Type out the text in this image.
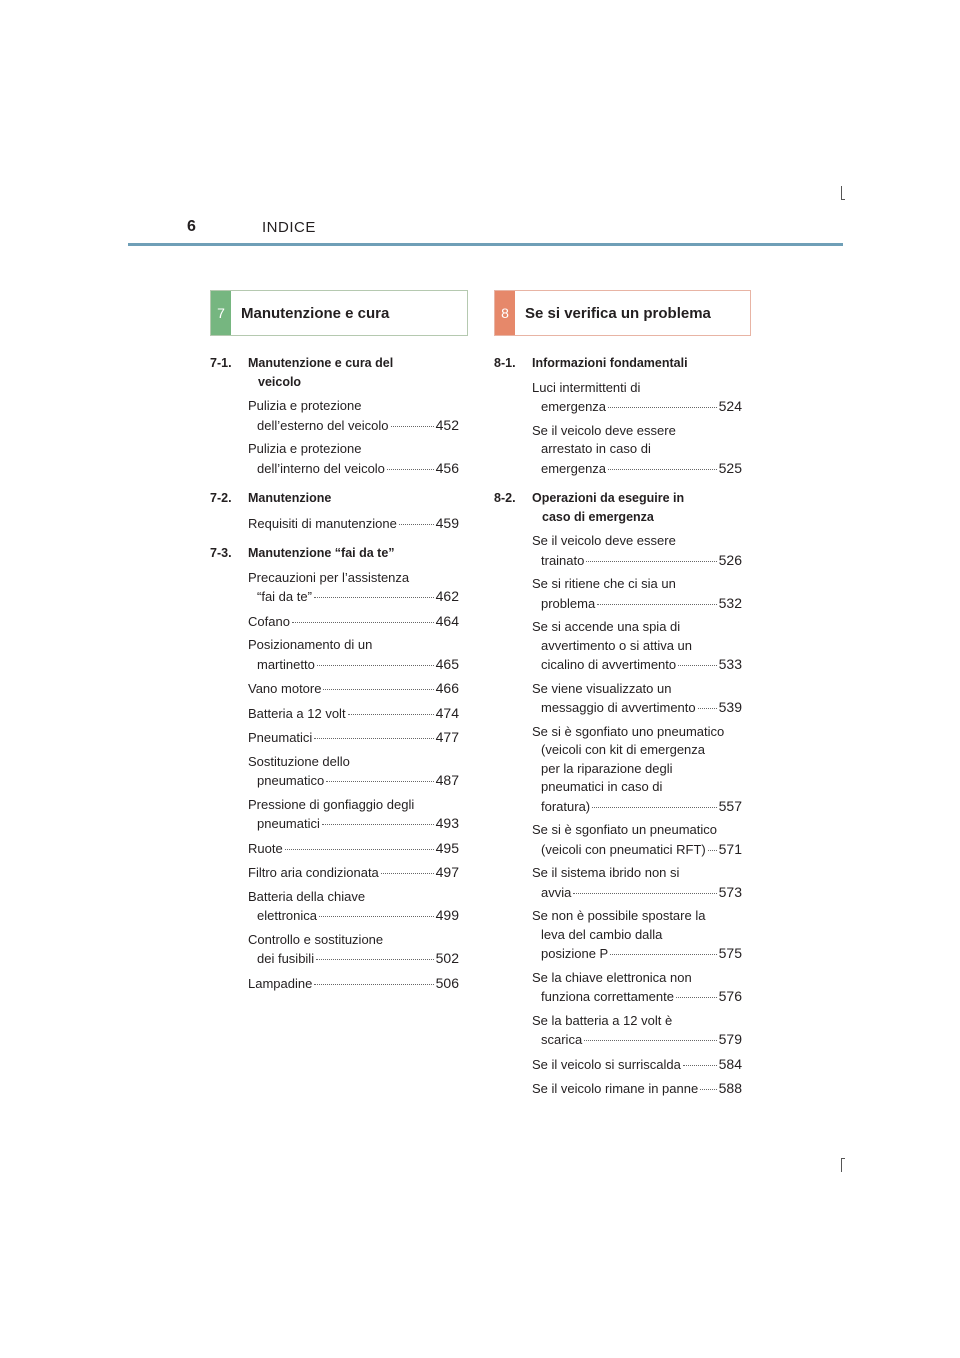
6	INDICE
7	Manutenzione e cura	8	Se si verifica un problema
7-1.	Manutenzione e cura del
veicolo
Pulizia e protezione
dell’esterno del veicolo	452
Pulizia e protezione
dell’interno del veicolo	456
7-2.	Manutenzione
Requisiti di manutenzione	459
7-3.	Manutenzione “fai da te”
Precauzioni per l’assistenza
“fai da te”	462
Cofano	464
Posizionamento di un
martinetto	465
Vano motore	466
Batteria a 12 volt	474
Pneumatici	477
Sostituzione dello
pneumatico	487
Pressione di gonfiaggio degli
pneumatici	493
Ruote	495
Filtro aria condizionata	497
Batteria della chiave
elettronica	499
Controllo e sostituzione
dei fusibili	502
Lampadine	506
8-1.	Informazioni fondamentali
Luci intermittenti di
emergenza	524
Se il veicolo deve essere
arrestato in caso di
emergenza	525
8-2.	Operazioni da eseguire in
caso di emergenza
Se il veicolo deve essere
trainato	526
Se si ritiene che ci sia un
problema	532
Se si accende una spia di
avvertimento o si attiva un
cicalino di avvertimento	533
Se viene visualizzato un
messaggio di avvertimento 539
Se si è sgonfiato uno pneumatico
(veicoli con kit di emergenza
per la riparazione degli
pneumatici in caso di
foratura)	557
Se si è sgonfiato un pneumatico
(veicoli con pneumatici RFT) 571
Se il sistema ibrido non si
avvia	573
Se non è possibile spostare la
leva del cambio dalla
posizione P	575
Se la chiave elettronica non
funziona correttamente	576
Se la batteria a 12 volt è
scarica	579
Se il veicolo si surriscalda	584
Se il veicolo rimane in panne 588
